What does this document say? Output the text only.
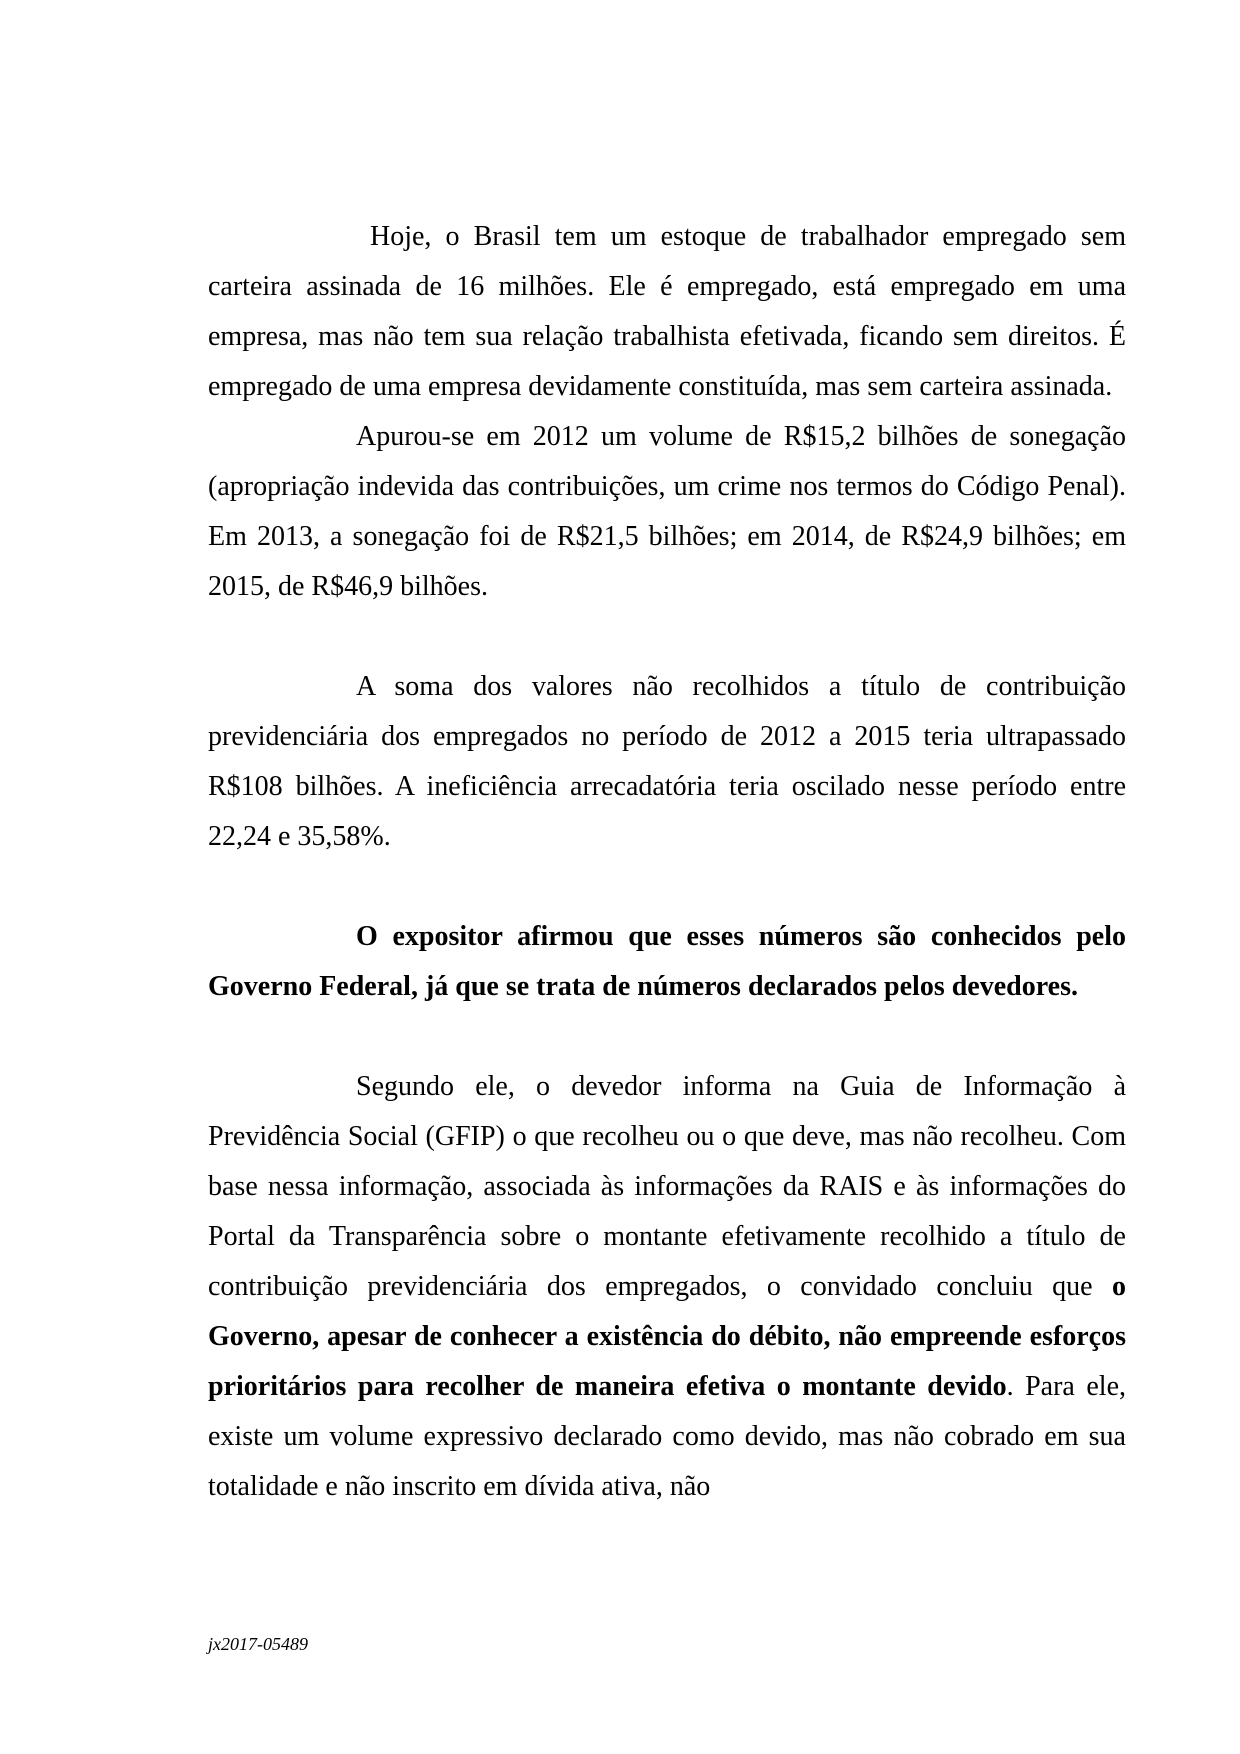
Hoje, o Brasil tem um estoque de trabalhador empregado sem carteira assinada de 16 milhões. Ele é empregado, está empregado em uma empresa, mas não tem sua relação trabalhista efetivada, ficando sem direitos. É empregado de uma empresa devidamente constituída, mas sem carteira assinada.

Apurou-se em 2012 um volume de R$15,2 bilhões de sonegação (apropriação indevida das contribuições, um crime nos termos do Código Penal). Em 2013, a sonegação foi de R$21,5 bilhões; em 2014, de R$24,9 bilhões; em 2015, de R$46,9 bilhões.

A soma dos valores não recolhidos a título de contribuição previdenciária dos empregados no período de 2012 a 2015 teria ultrapassado R$108 bilhões. A ineficiência arrecadatória teria oscilado nesse período entre 22,24 e 35,58%.

O expositor afirmou que esses números são conhecidos pelo Governo Federal, já que se trata de números declarados pelos devedores.

Segundo ele, o devedor informa na Guia de Informação à Previdência Social (GFIP) o que recolheu ou o que deve, mas não recolheu. Com base nessa informação, associada às informações da RAIS e às informações do Portal da Transparência sobre o montante efetivamente recolhido a título de contribuição previdenciária dos empregados, o convidado concluiu que o Governo, apesar de conhecer a existência do débito, não empreende esforços prioritários para recolher de maneira efetiva o montante devido. Para ele, existe um volume expressivo declarado como devido, mas não cobrado em sua totalidade e não inscrito em dívida ativa, não

jx2017-05489
